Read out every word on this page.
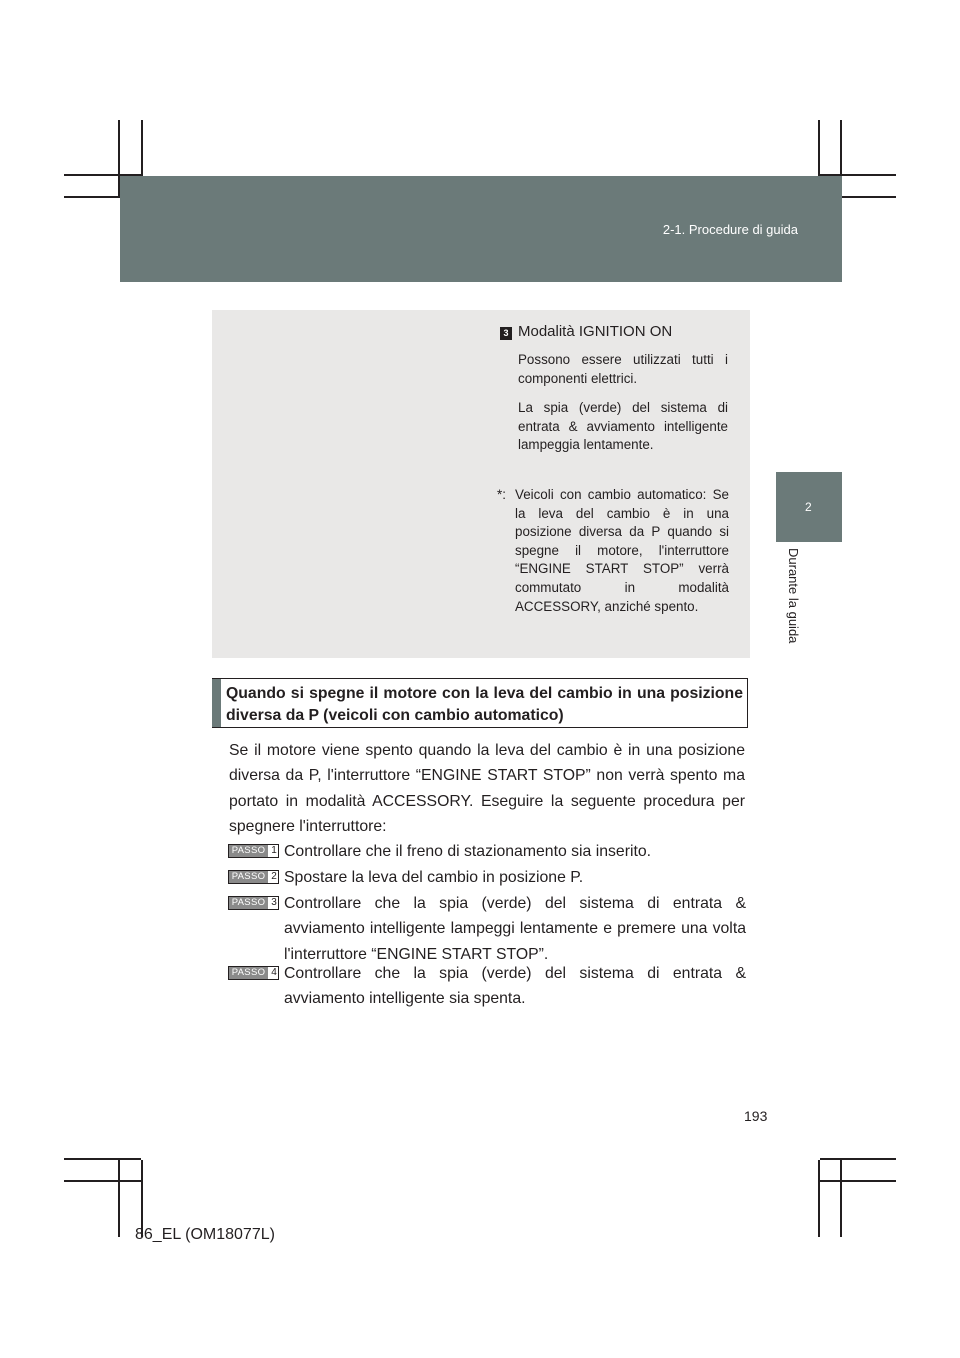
2-1. Procedure di guida
2
Durante la guida
3 Modalità IGNITION ON

Possono essere utilizzati tutti i componenti elettrici.

La spia (verde) del sistema di entrata & avviamento intelligente lampeggia lentamente.

*: Veicoli con cambio automatico: Se la leva del cambio è in una posizione diversa da P quando si spegne il motore, l'interruttore “ENGINE START STOP” verrà commutato in modalità ACCESSORY, anziché spento.
Quando si spegne il motore con la leva del cambio in una posizione diversa da P (veicoli con cambio automatico)

Se il motore viene spento quando la leva del cambio è in una posizione diversa da P, l'interruttore “ENGINE START STOP” non verrà spento ma portato in modalità ACCESSORY. Eseguire la seguente procedura per spegnere l'interruttore:

PASSO 1 Controllare che il freno di stazionamento sia inserito.
PASSO 2 Spostare la leva del cambio in posizione P.
PASSO 3 Controllare che la spia (verde) del sistema di entrata & avviamento intelligente lampeggi lentamente e premere una volta l'interruttore “ENGINE START STOP”.
PASSO 4 Controllare che la spia (verde) del sistema di entrata & avviamento intelligente sia spenta.
193
86_EL (OM18077L)
